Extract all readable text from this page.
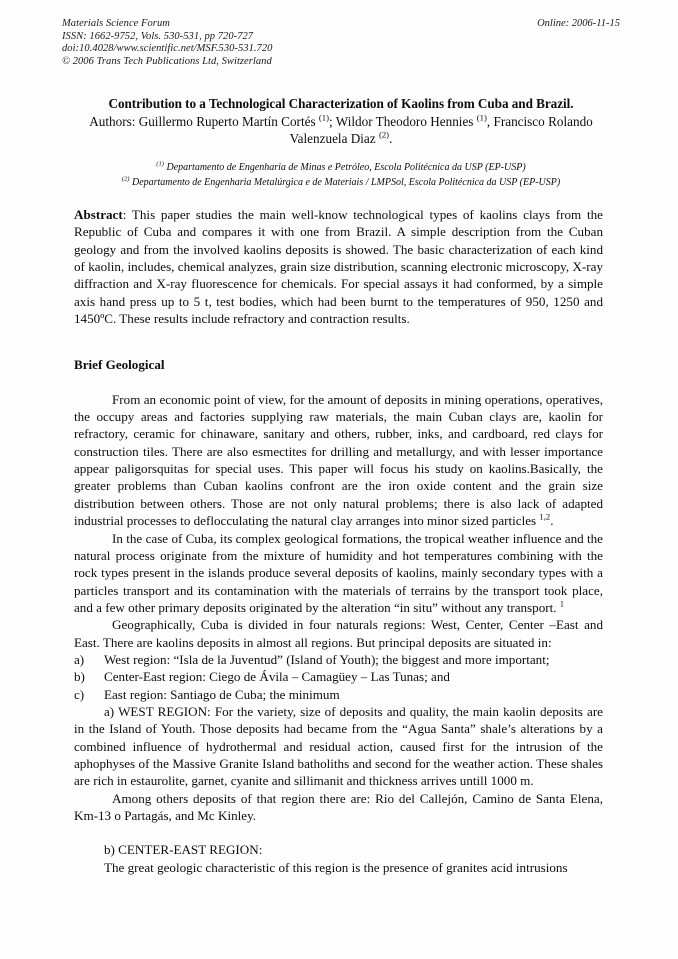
Materials Science Forum
ISSN: 1662-9752, Vols. 530-531, pp 720-727
doi:10.4028/www.scientific.net/MSF.530-531.720
© 2006 Trans Tech Publications Ltd, Switzerland
Online: 2006-11-15
Contribution to a Technological Characterization of Kaolins from Cuba and Brazil.
Authors: Guillermo Ruperto Martín Cortés $^{(1)}$; Wildor Theodoro Hennies $^{(1)}$, Francisco Rolando Valenzuela Diaz $^{(2)}$.
$^{(1)}$ Departamento de Engenharia de Minas e Petróleo, Escola Politécnica da USP (EP-USP)
$^{(2)}$ Departamento de Engenharia Metalúrgica e de Materiais / LMPSol, Escola Politécnica da USP (EP-USP)

Abstract: This paper studies the main well-know technological types of kaolins clays from the Republic of Cuba and compares it with one from Brazil. A simple description from the Cuban geology and from the involved kaolins deposits is showed. The basic characterization of each kind of kaolin, includes, chemical analyzes, grain size distribution, scanning electronic microscopy, X-ray diffraction and X-ray fluorescence for chemicals. For special assays it had conformed, by a simple axis hand press up to 5 t, test bodies, which had been burnt to the temperatures of 950, 1250 and 1450ºC. These results include refractory and contraction results.

Brief Geological

From an economic point of view, for the amount of deposits in mining operations, operatives, the occupy areas and factories supplying raw materials, the main Cuban clays are, kaolin for refractory, ceramic for chinaware, sanitary and others, rubber, inks, and cardboard, red clays for construction tiles. There are also esmectites for drilling and metallurgy, and with lesser importance appear paligorsquitas for special uses. This paper will focus his study on kaolins.Basically, the greater problems than Cuban kaolins confront are the iron oxide content and the grain size distribution between others. Those are not only natural problems; there is also lack of adapted industrial processes to deflocculating the natural clay arranges into minor sized particles $^{1,2}$.

In the case of Cuba, its complex geological formations, the tropical weather influence and the natural process originate from the mixture of humidity and hot temperatures combining with the rock types present in the islands produce several deposits of kaolins, mainly secondary types with a particles transport and its contamination with the materials of terrains by the transport took place, and a few other primary deposits originated by the alteration “in situ” without any transport. $^1$

Geographically, Cuba is divided in four naturals regions: West, Center, Center –East and East. There are kaolins deposits in almost all regions. But principal deposits are situated in:

a)	West region: “Isla de la Juventud” (Island of Youth); the biggest and more important;
b)	Center-East region: Ciego de Ávila – Camagüey – Las Tunas; and
c)	East region: Santiago de Cuba; the minimum

a) WEST REGION: For the variety, size of deposits and quality, the main kaolin deposits are in the Island of Youth. Those deposits had became from the “Agua Santa” shale’s alterations by a combined influence of hydrothermal and residual action, caused first for the intrusion of the aphophyses of the Massive Granite Island batholiths and second for the weather action. These shales are rich in estaurolite, garnet, cyanite and sillimanit and thickness arrives untill 1000 m.

Among others deposits of that region there are: Rio del Callejón, Camino de Santa Elena, Km-13 o Partagás, and Mc Kinley.

b) CENTER-EAST REGION:

The great geologic characteristic of this region is the presence of granites acid intrusions
